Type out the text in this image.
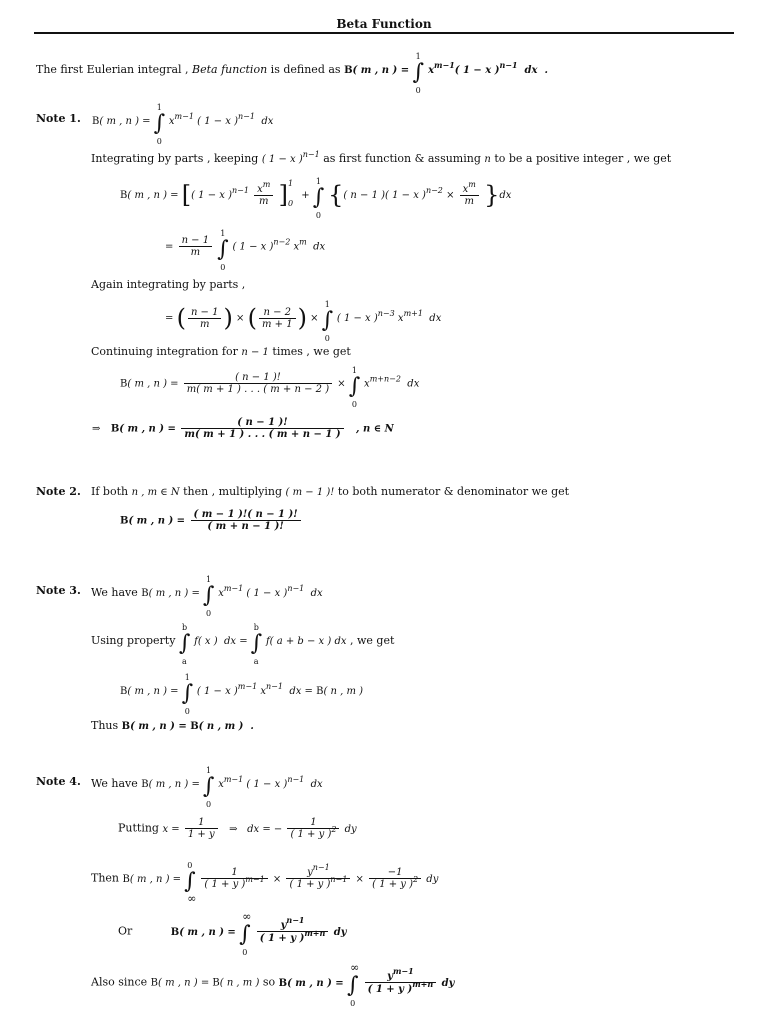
Beta Function
The first Eulerian integral , Beta function is defined as B( m , n ) = ∫
1
0
$x^{m-1}$( 1 − x )$^{n-1}$  dx  .
Note 1. B( m , n ) = ∫
1
0
$x^{m-1}$ ( 1 − x )$^{n-1}$  dx
Integrating by parts , keeping ( 1 − x )$^{n-1}$ as first function & assuming n to be a positive integer , we get
B( m , n ) = [( 1 − x )$^{n-1} \frac{x^m}{m} ]^1_0$ + ∫
1
0
{( n − 1 )( 1 − x )$^{n-2} \times \frac{x^m}{m} \}dx$
= $\frac{n - 1}{m}$ ∫
1
0
( 1 − x )$^{n-2}$ $x^m$  dx
Again integrating by parts ,
= ( $\frac{n - 1}{m}$ ) × ( $\frac{n - 2}{m + 1}$ ) × ∫
1
0
( 1 − x )$^{n-3}$ $x^{m+1}$  dx
Continuing integration for n − 1 times , we get
B( m , n ) = $\frac{( n - 1 )!}{m( m + 1 ) . . . ( m + n - 2 )}$ × ∫
1
0
$x^{m+n-2}$  dx
⇒ B( m , n ) = $\frac{( n - 1 )!}{m( m + 1 ) . . . ( m + n - 1 )}$ , n ∈ N
Note 2. If both n , m ∈ N then , multiplying ( m − 1 )! to both numerator & denominator we get
B( m , n ) = $\frac{( m - 1 )!( n - 1 )!}{( m + n - 1 )!}$
Note 3. We have B( m , n ) = ∫
1
0
$x^{m-1}$ ( 1 − x )$^{n-1}$  dx
Using property ∫
b
a
f( x )  dx = ∫
b
a
f( a + b − x ) dx , we get
B( m , n ) = ∫
1
0
( 1 − x )$^{m-1}$ $x^{n-1}$  dx = B( n , m )
Thus B( m , n ) = B( n , m )  .
Note 4. We have B( m , n ) = ∫
1
0
$x^{m-1}$ ( 1 − x )$^{n-1}$  dx
Putting $x = \frac{1}{1 + y}$ ⇒   dx = − $\frac{1}{( 1 + y )^2}$ dy
Then B( m , n ) = ∫
0
∞

$\frac{1}{( 1 + y )^{m-1}} \times \frac{y^{n-1}}{( 1 + y )^{n-1}} \times \frac{-1}{( 1 + y )^2}$ dy
Or	B( m , n ) = ∫
∞
0

$\frac{y^{n-1}}{( 1 + y )^{m+n}}$ dy
Also since B( m , n ) = B( n , m ) so B( m , n ) = ∫
∞
0

$\frac{y^{m-1}}{( 1 + y )^{m+n}}$ dy
